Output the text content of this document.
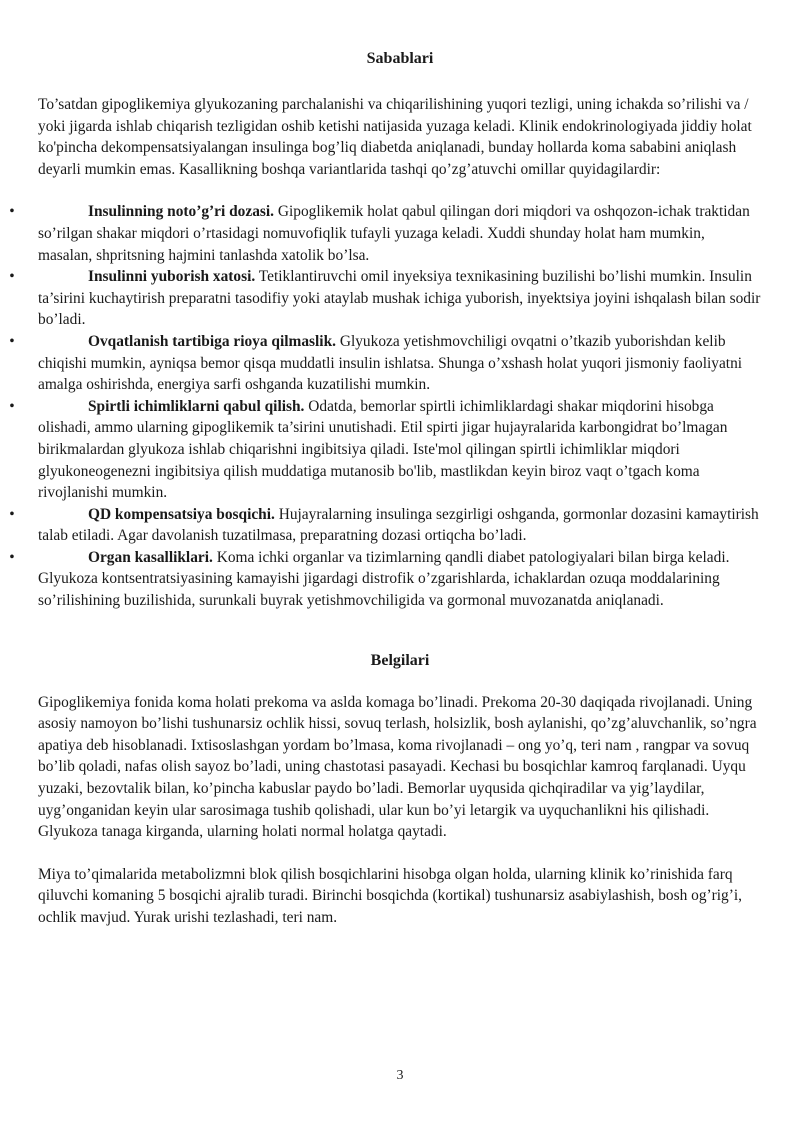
Sabablari

To’satdan gipoglikemiya glyukozaning parchalanishi va chiqarilishining yuqori tezligi, uning ichakda so’rilishi va / yoki jigarda ishlab chiqarish tezligidan oshib ketishi natijasida yuzaga keladi. Klinik endokrinologiyada jiddiy holat ko'pincha dekompensatsiyalangan insulinga bog’liq diabetda aniqlanadi, bunday hollarda koma sababini aniqlash deyarli mumkin emas. Kasallikning boshqa variantlarida tashqi qo’zg’atuvchi omillar quyidagilardir:

•	Insulinning noto’g’ri dozasi. Gipoglikemik holat qabul qilingan dori miqdori va oshqozon-ichak traktidan so’rilgan shakar miqdori o’rtasidagi nomuvofiqlik tufayli yuzaga keladi. Xuddi shunday holat ham mumkin, masalan, shpritsning hajmini tanlashda xatolik bo’lsa.
•	Insulinni yuborish xatosi. Tetiklantiruvchi omil inyeksiya texnikasining buzilishi bo’lishi mumkin. Insulin ta’sirini kuchaytirish preparatni tasodifiy yoki ataylab mushak ichiga yuborish, inyektsiya joyini ishqalash bilan sodir bo’ladi.
•	Ovqatlanish tartibiga rioya qilmaslik. Glyukoza yetishmovchiligi ovqatni o’tkazib yuborishdan kelib chiqishi mumkin, ayniqsa bemor qisqa muddatli insulin ishlatsa. Shunga o’xshash holat yuqori jismoniy faoliyatni amalga oshirishda, energiya sarfi oshganda kuzatilishi mumkin.
•	Spirtli ichimliklarni qabul qilish. Odatda, bemorlar spirtli ichimliklardagi shakar miqdorini hisobga olishadi, ammo ularning gipoglikemik ta’sirini unutishadi. Etil spirti jigar hujayralarida karbongidrat bo’lmagan birikmalardan glyukoza ishlab chiqarishni ingibitsiya qiladi. Iste'mol qilingan spirtli ichimliklar miqdori glyukoneogenezni ingibitsiya qilish muddatiga mutanosib bo'lib, mastlikdan keyin biroz vaqt o’tgach koma rivojlanishi mumkin.
•	QD kompensatsiya bosqichi. Hujayralarning insulinga sezgirligi oshganda, gormonlar dozasini kamaytirish talab etiladi. Agar davolanish tuzatilmasa, preparatning dozasi ortiqcha bo’ladi.
•	Organ kasalliklari. Koma ichki organlar va tizimlarning qandli diabet patologiyalari bilan birga keladi. Glyukoza kontsentratsiyasining kamayishi jigardagi distrofik o’zgarishlarda, ichaklardan ozuqa moddalarining so’rilishining buzilishida, surunkali buyrak yetishmovchiligida va gormonal muvozanatda aniqlanadi.
Belgilari

Gipoglikemiya fonida koma holati prekoma va aslda komaga bo’linadi. Prekoma 20-30 daqiqada rivojlanadi. Uning asosiy namoyon bo’lishi tushunarsiz ochlik hissi, sovuq terlash, holsizlik, bosh aylanishi, qo’zg’aluvchanlik, so’ngra apatiya deb hisoblanadi. Ixtisoslashgan yordam bo’lmasa, koma rivojlanadi – ong yo’q, teri nam , rangpar va sovuq bo’lib qoladi, nafas olish sayoz bo’ladi, uning chastotasi pasayadi. Kechasi bu bosqichlar kamroq farqlanadi. Uyqu yuzaki, bezovtalik bilan, ko’pincha kabuslar paydo bo’ladi. Bemorlar uyqusida qichqiradilar va yig’laydilar, uyg’onganidan keyin ular sarosimaga tushib qolishadi, ular kun bo’yi letargik va uyquchanlikni his qilishadi. Glyukoza tanaga kirganda, ularning holati normal holatga qaytadi.

Miya to’qimalarida metabolizmni blok qilish bosqichlarini hisobga olgan holda, ularning klinik ko’rinishida farq qiluvchi komaning 5 bosqichi ajralib turadi. Birinchi bosqichda (kortikal) tushunarsiz asabiylashish, bosh og’rig’i, ochlik mavjud. Yurak urishi tezlashadi, teri nam.

3
